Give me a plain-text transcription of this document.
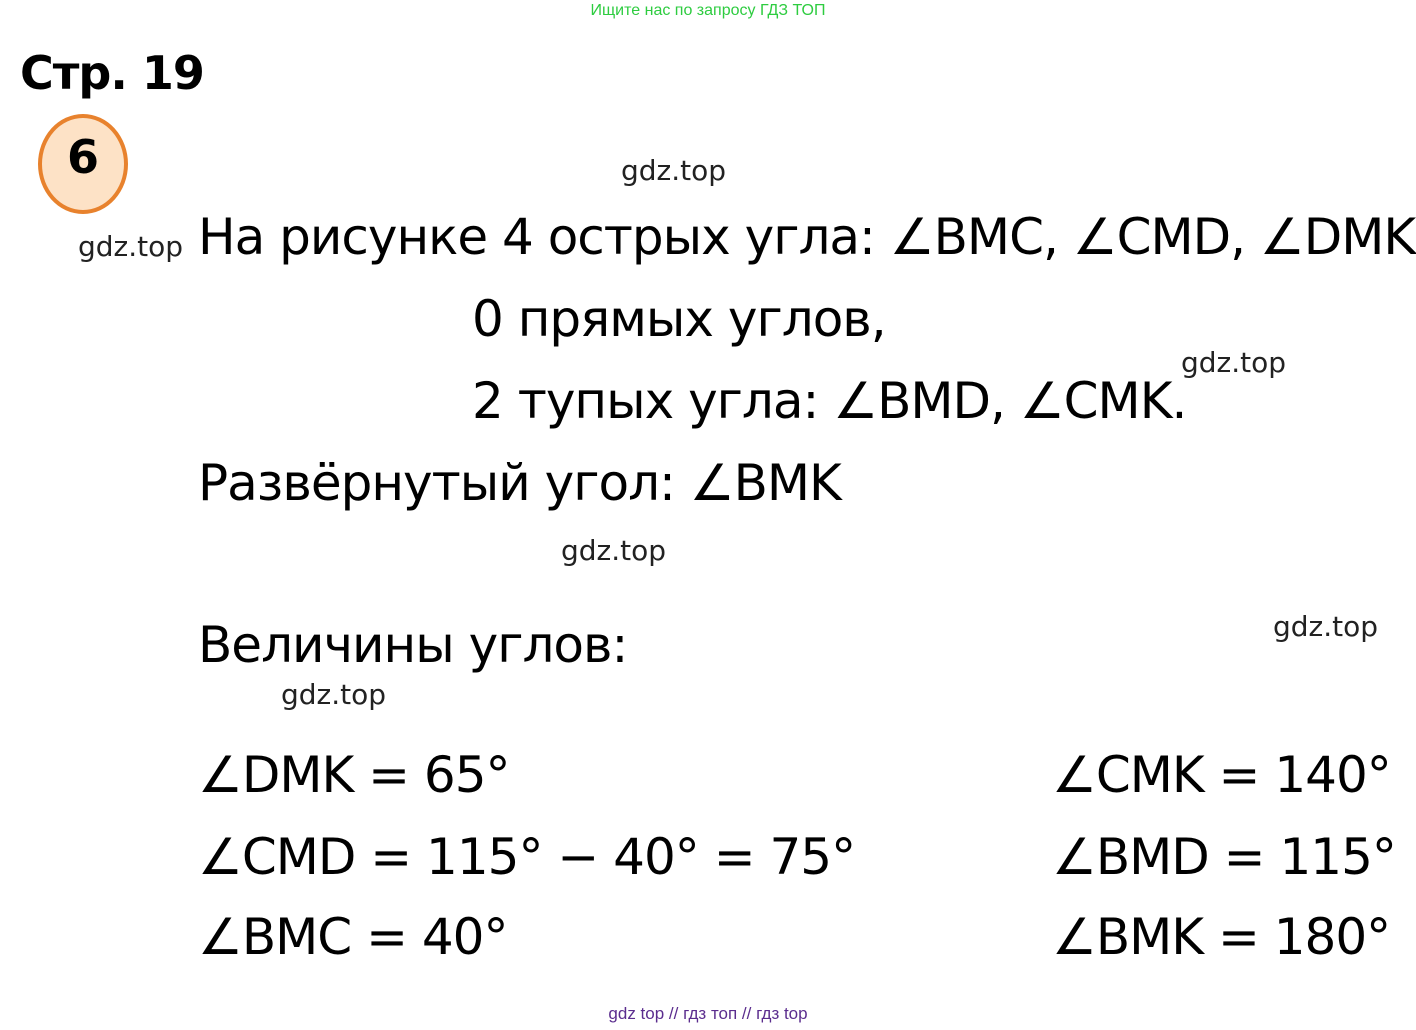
Ищите нас по запросу ГДЗ ТОП
Стр. 19
6	gdz.top
gdz.top
gdz.top
gdz.top
gdz.top
gdz.top
На рисунке 4 острых угла: ∠BMC, ∠CMD, ∠DMK
0 прямых углов,
2 тупых угла: ∠BMD, ∠CMK.
Развёрнутый угол: ∠BMK
Величины углов:
∠DMK = 65°
∠CMD = 115° − 40° = 75°
∠BMC = 40°
∠CMK = 140°
∠BMD = 115°
∠BMK = 180°
gdz top // гдз топ // гдз top
